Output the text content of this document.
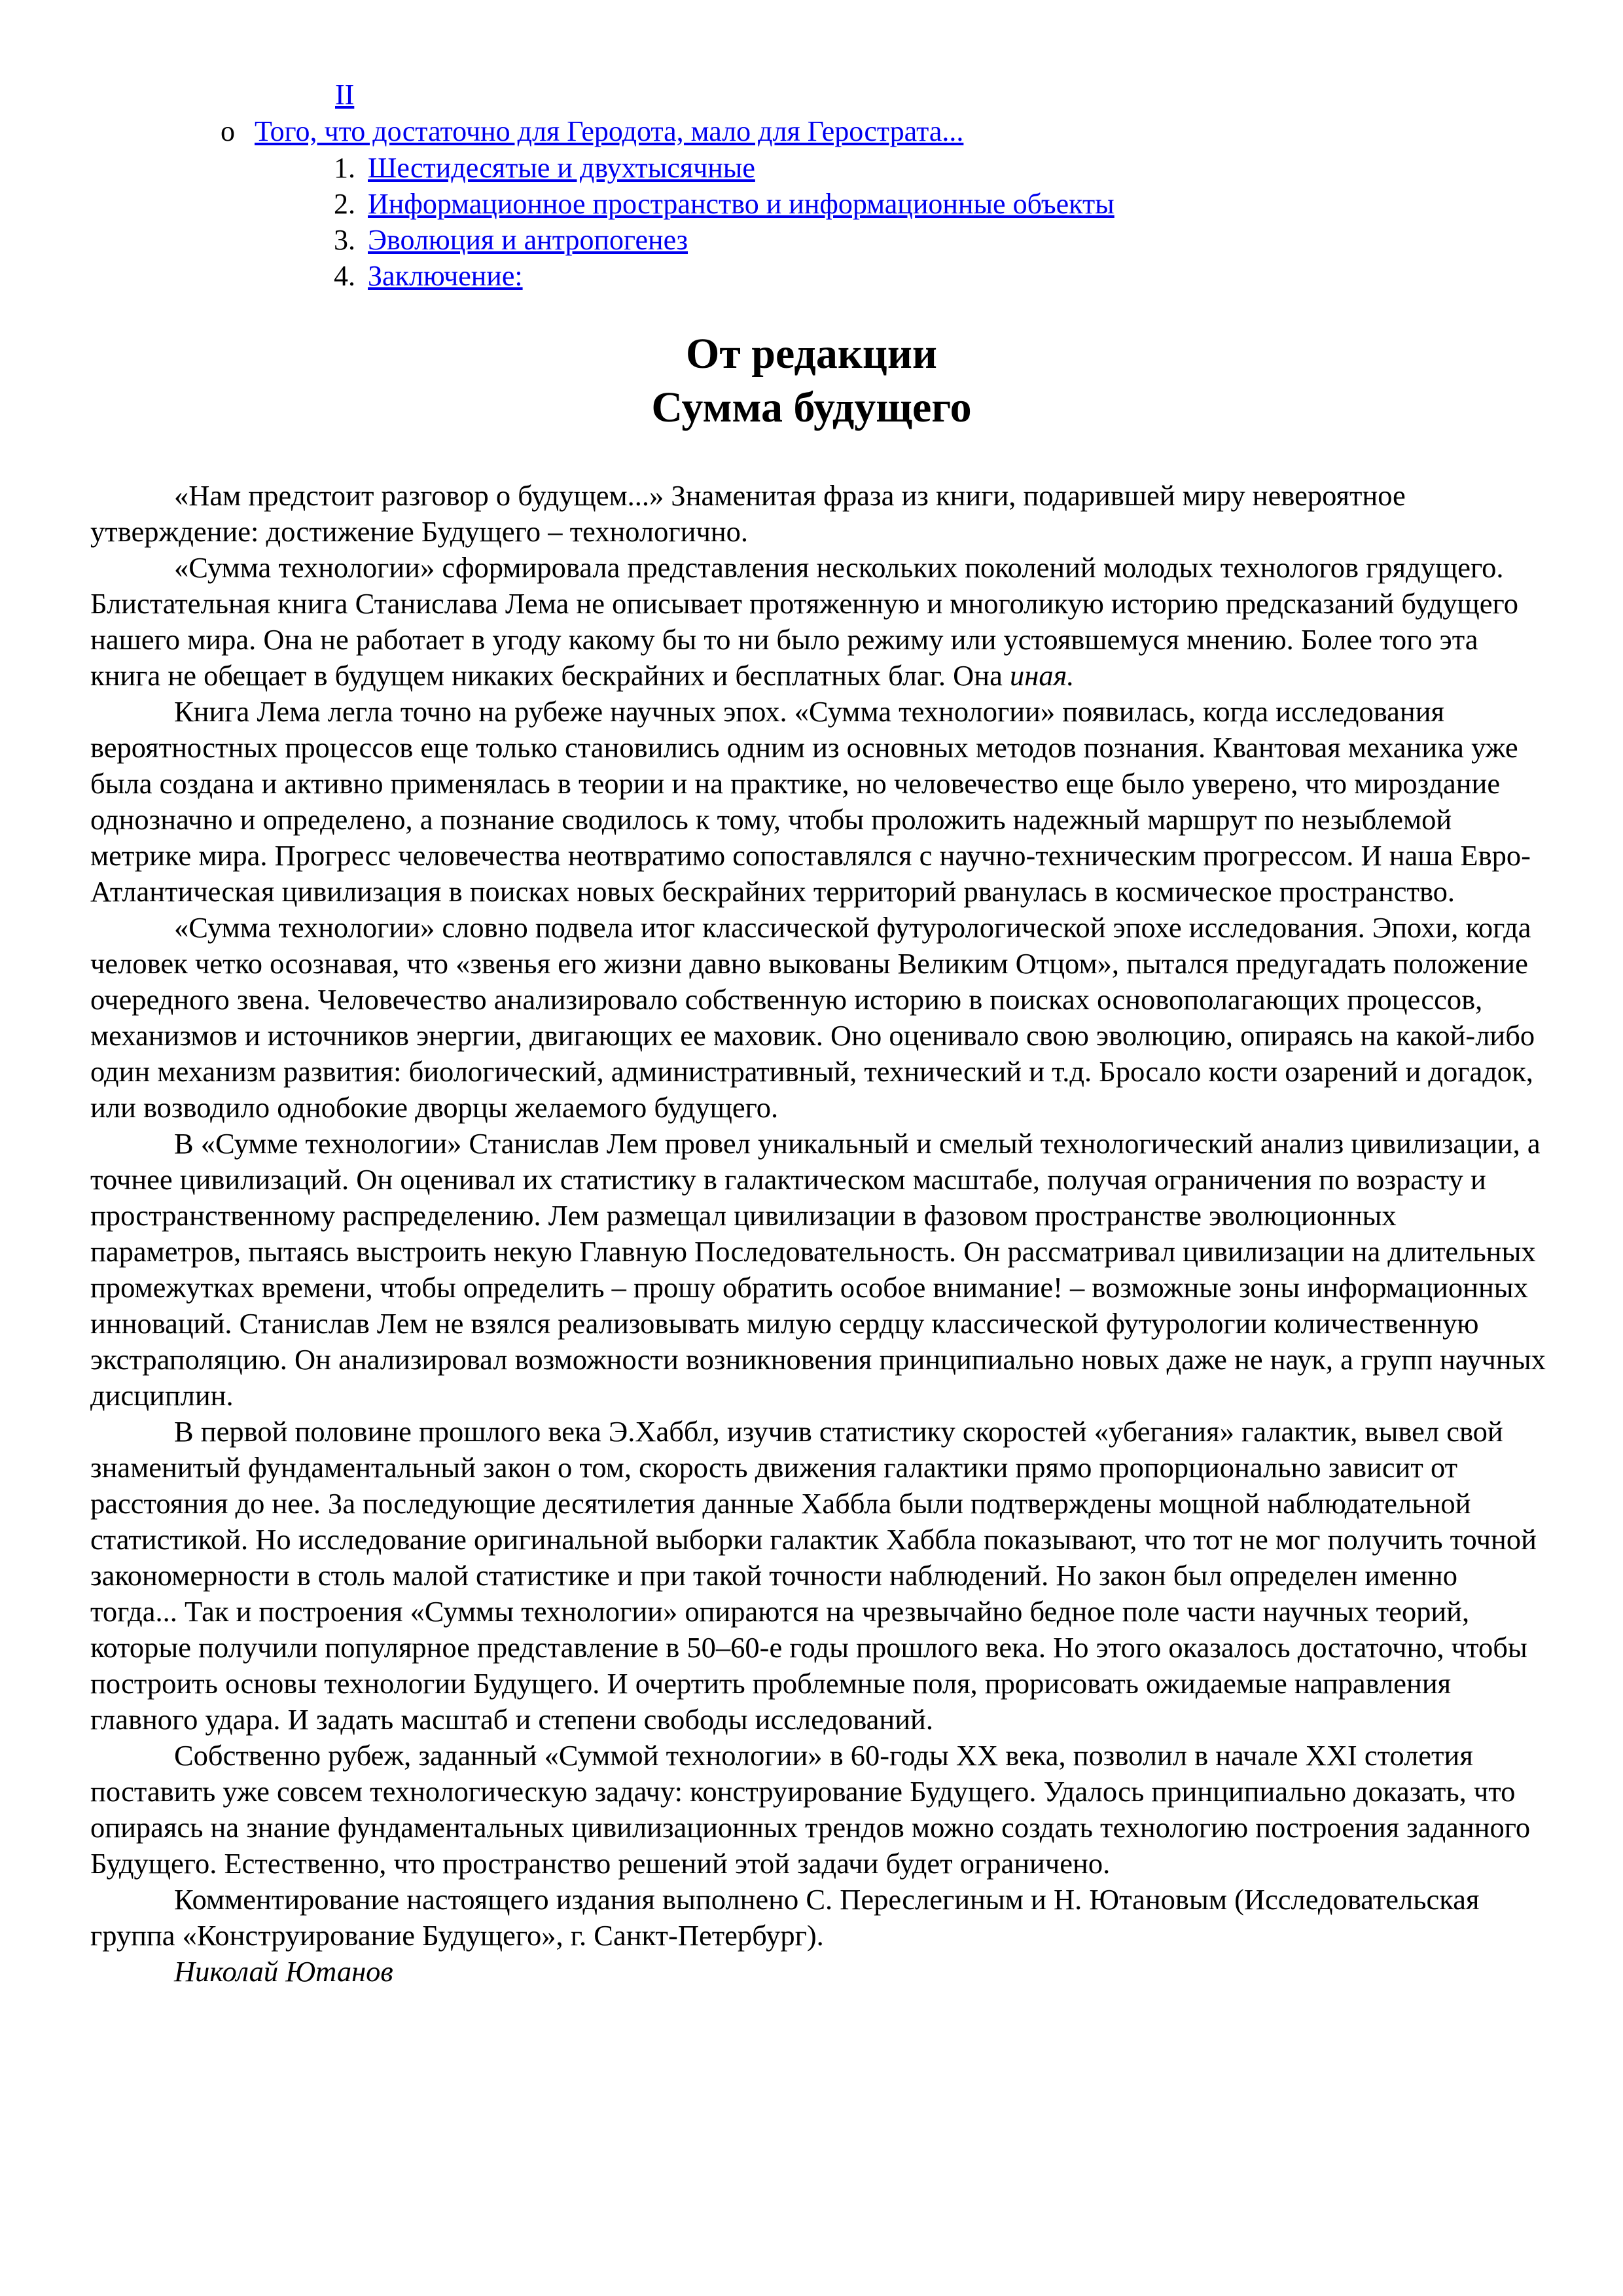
II
o Того, что достаточно для Геродота, мало для Герострата...
1. Шестидесятые и двухтысячные
2. Информационное пространство и информационные объекты
3. Эволюция и антропогенез
4. Заключение:
От редакции
Сумма будущего

«Нам предстоит разговор о будущем...» Знаменитая фраза из книги, подарившей миру невероятное утверждение: достижение Будущего – технологично.

«Сумма технологии» сформировала представления нескольких поколений молодых технологов грядущего. Блистательная книга Станислава Лема не описывает протяженную и многоликую историю предсказаний будущего нашего мира. Она не работает в угоду какому бы то ни было режиму или устоявшемуся мнению. Более того эта книга не обещает в будущем никаких бескрайних и бесплатных благ. Она иная.

Книга Лема легла точно на рубеже научных эпох. «Сумма технологии» появилась, когда исследования вероятностных процессов еще только становились одним из основных методов познания. Квантовая механика уже была создана и активно применялась в теории и на практике, но человечество еще было уверено, что мироздание однозначно и определено, а познание сводилось к тому, чтобы проложить надежный маршрут по незыблемой метрике мира. Прогресс человечества неотвратимо сопоставлялся с научно-техническим прогрессом. И наша Евро-Атлантическая цивилизация в поисках новых бескрайних территорий рванулась в космическое пространство.

«Сумма технологии» словно подвела итог классической футурологической эпохе исследования. Эпохи, когда человек четко осознавая, что «звенья его жизни давно выкованы Великим Отцом», пытался предугадать положение очередного звена. Человечество анализировало собственную историю в поисках основополагающих процессов, механизмов и источников энергии, двигающих ее маховик. Оно оценивало свою эволюцию, опираясь на какой-либо один механизм развития: биологический, административный, технический и т.д. Бросало кости озарений и догадок, или возводило однобокие дворцы желаемого будущего.

В «Сумме технологии» Станислав Лем провел уникальный и смелый технологический анализ цивилизации, а точнее цивилизаций. Он оценивал их статистику в галактическом масштабе, получая ограничения по возрасту и пространственному распределению. Лем размещал цивилизации в фазовом пространстве эволюционных параметров, пытаясь выстроить некую Главную Последовательность. Он рассматривал цивилизации на длительных промежутках времени, чтобы определить – прошу обратить особое внимание! – возможные зоны информационных инноваций. Станислав Лем не взялся реализовывать милую сердцу классической футурологии количественную экстраполяцию. Он анализировал возможности возникновения принципиально новых даже не наук, а групп научных дисциплин.

В первой половине прошлого века Э.Хаббл, изучив статистику скоростей «убегания» галактик, вывел свой знаменитый фундаментальный закон о том, скорость движения галактики прямо пропорционально зависит от расстояния до нее. За последующие десятилетия данные Хаббла были подтверждены мощной наблюдательной статистикой. Но исследование оригинальной выборки галактик Хаббла показывают, что тот не мог получить точной закономерности в столь малой статистике и при такой точности наблюдений. Но закон был определен именно тогда... Так и построения «Суммы технологии» опираются на чрезвычайно бедное поле части научных теорий, которые получили популярное представление в 50–60-е годы прошлого века. Но этого оказалось достаточно, чтобы построить основы технологии Будущего. И очертить проблемные поля, прорисовать ожидаемые направления главного удара. И задать масштаб и степени свободы исследований.

Собственно рубеж, заданный «Суммой технологии» в 60-годы XX века, позволил в начале XXI столетия поставить уже совсем технологическую задачу: конструирование Будущего. Удалось принципиально доказать, что опираясь на знание фундаментальных цивилизационных трендов можно создать технологию построения заданного Будущего. Естественно, что пространство решений этой задачи будет ограничено.

Комментирование настоящего издания выполнено С. Переслегиным и Н. Ютановым (Исследовательская группа «Конструирование Будущего», г. Санкт-Петербург).

Николай Ютанов
